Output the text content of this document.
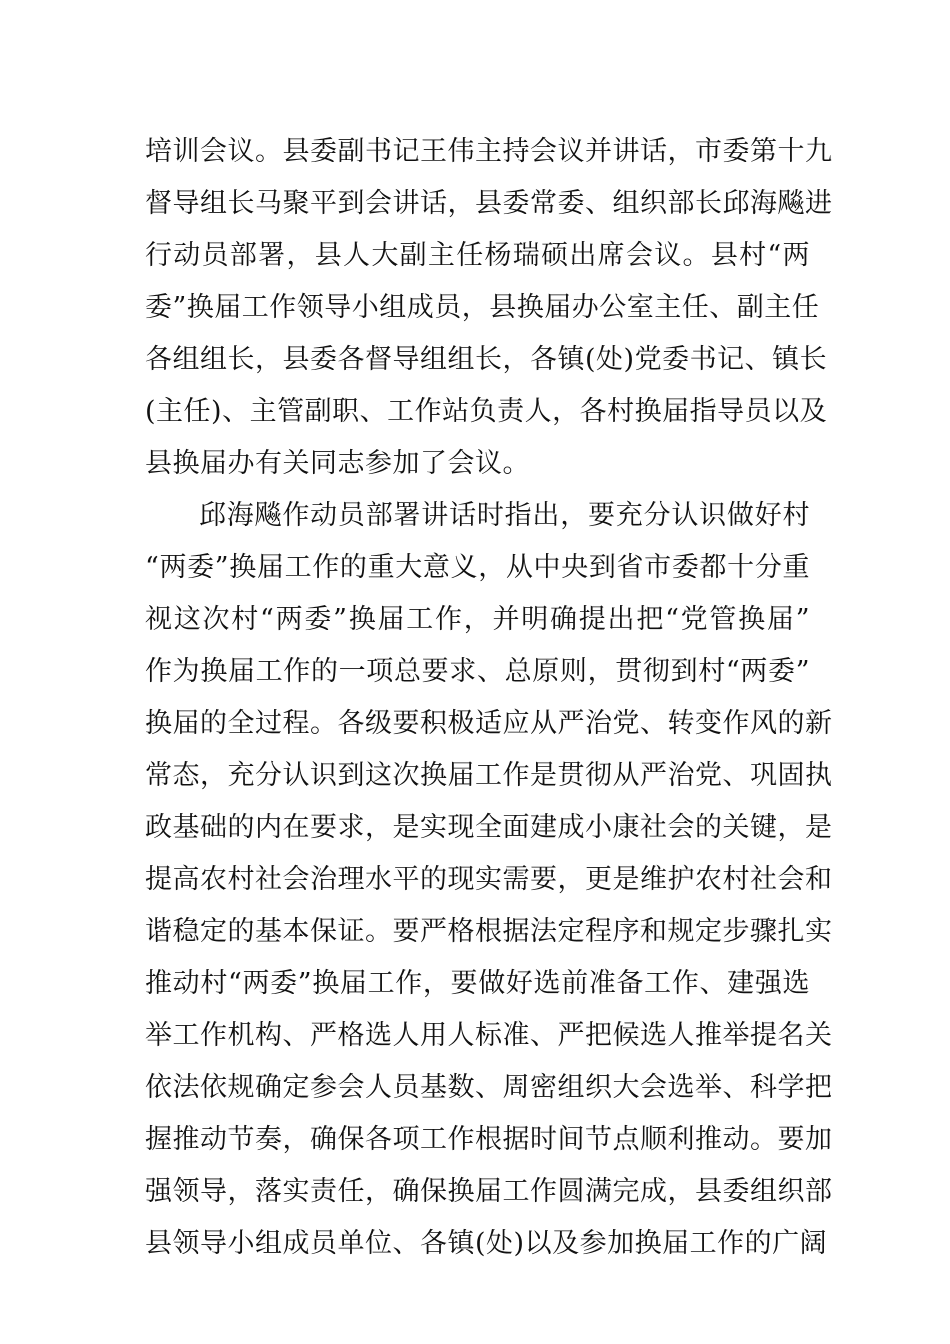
培训会议。县委副书记王伟主持会议并讲话，市委第十九
督导组长马聚平到会讲话，县委常委、组织部长邱海飚进
行动员部署，县人大副主任杨瑞硕出席会议。县村“两
委”换届工作领导小组成员，县换届办公室主任、副主任
各组组长，县委各督导组组长，各镇(处)党委书记、镇长
(主任)、主管副职、工作站负责人，各村换届指导员以及
县换届办有关同志参加了会议。
邱海飚作动员部署讲话时指出，要充分认识做好村
“两委”换届工作的重大意义，从中央到省市委都十分重
视这次村“两委”换届工作，并明确提出把“党管换届”
作为换届工作的一项总要求、总原则，贯彻到村“两委”
换届的全过程。各级要积极适应从严治党、转变作风的新
常态，充分认识到这次换届工作是贯彻从严治党、巩固执
政基础的内在要求，是实现全面建成小康社会的关键，是
提高农村社会治理水平的现实需要，更是维护农村社会和
谐稳定的基本保证。要严格根据法定程序和规定步骤扎实
推动村“两委”换届工作，要做好选前准备工作、建强选
举工作机构、严格选人用人标准、严把候选人推举提名关
依法依规确定参会人员基数、周密组织大会选举、科学把
握推动节奏，确保各项工作根据时间节点顺利推动。要加
强领导，落实责任，确保换届工作圆满完成，县委组织部
县领导小组成员单位、各镇(处)以及参加换届工作的广阔
